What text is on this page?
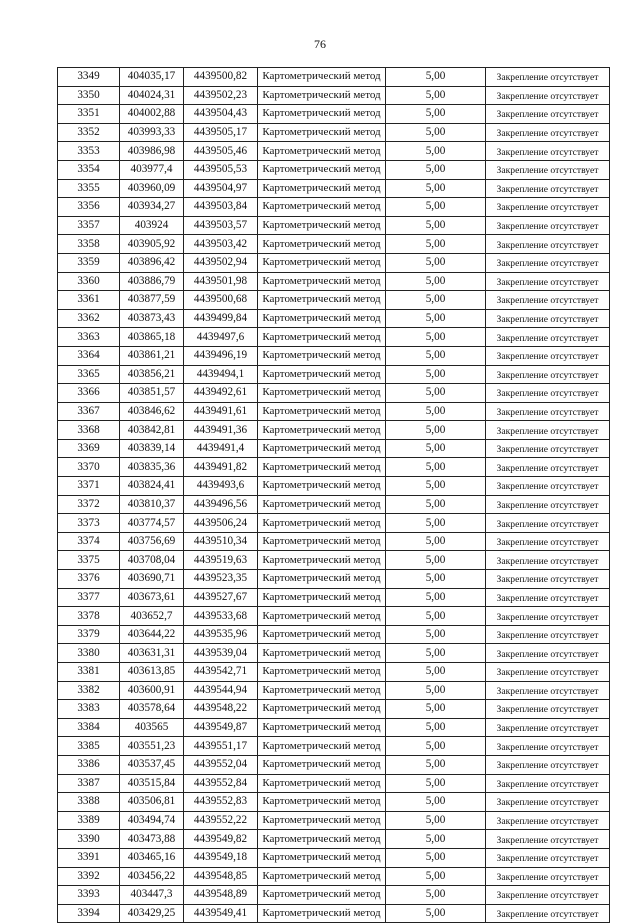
76
3349	404035,17	4439500,82	Картометрический метод	5,00	Закрепление отсутствует
3350	404024,31	4439502,23	Картометрический метод	5,00	Закрепление отсутствует
3351	404002,88	4439504,43	Картометрический метод	5,00	Закрепление отсутствует
3352	403993,33	4439505,17	Картометрический метод	5,00	Закрепление отсутствует
3353	403986,98	4439505,46	Картометрический метод	5,00	Закрепление отсутствует
3354	403977,4	4439505,53	Картометрический метод	5,00	Закрепление отсутствует
3355	403960,09	4439504,97	Картометрический метод	5,00	Закрепление отсутствует
3356	403934,27	4439503,84	Картометрический метод	5,00	Закрепление отсутствует
3357	403924	4439503,57	Картометрический метод	5,00	Закрепление отсутствует
3358	403905,92	4439503,42	Картометрический метод	5,00	Закрепление отсутствует
3359	403896,42	4439502,94	Картометрический метод	5,00	Закрепление отсутствует
3360	403886,79	4439501,98	Картометрический метод	5,00	Закрепление отсутствует
3361	403877,59	4439500,68	Картометрический метод	5,00	Закрепление отсутствует
3362	403873,43	4439499,84	Картометрический метод	5,00	Закрепление отсутствует
3363	403865,18	4439497,6	Картометрический метод	5,00	Закрепление отсутствует
3364	403861,21	4439496,19	Картометрический метод	5,00	Закрепление отсутствует
3365	403856,21	4439494,1	Картометрический метод	5,00	Закрепление отсутствует
3366	403851,57	4439492,61	Картометрический метод	5,00	Закрепление отсутствует
3367	403846,62	4439491,61	Картометрический метод	5,00	Закрепление отсутствует
3368	403842,81	4439491,36	Картометрический метод	5,00	Закрепление отсутствует
3369	403839,14	4439491,4	Картометрический метод	5,00	Закрепление отсутствует
3370	403835,36	4439491,82	Картометрический метод	5,00	Закрепление отсутствует
3371	403824,41	4439493,6	Картометрический метод	5,00	Закрепление отсутствует
3372	403810,37	4439496,56	Картометрический метод	5,00	Закрепление отсутствует
3373	403774,57	4439506,24	Картометрический метод	5,00	Закрепление отсутствует
3374	403756,69	4439510,34	Картометрический метод	5,00	Закрепление отсутствует
3375	403708,04	4439519,63	Картометрический метод	5,00	Закрепление отсутствует
3376	403690,71	4439523,35	Картометрический метод	5,00	Закрепление отсутствует
3377	403673,61	4439527,67	Картометрический метод	5,00	Закрепление отсутствует
3378	403652,7	4439533,68	Картометрический метод	5,00	Закрепление отсутствует
3379	403644,22	4439535,96	Картометрический метод	5,00	Закрепление отсутствует
3380	403631,31	4439539,04	Картометрический метод	5,00	Закрепление отсутствует
3381	403613,85	4439542,71	Картометрический метод	5,00	Закрепление отсутствует
3382	403600,91	4439544,94	Картометрический метод	5,00	Закрепление отсутствует
3383	403578,64	4439548,22	Картометрический метод	5,00	Закрепление отсутствует
3384	403565	4439549,87	Картометрический метод	5,00	Закрепление отсутствует
3385	403551,23	4439551,17	Картометрический метод	5,00	Закрепление отсутствует
3386	403537,45	4439552,04	Картометрический метод	5,00	Закрепление отсутствует
3387	403515,84	4439552,84	Картометрический метод	5,00	Закрепление отсутствует
3388	403506,81	4439552,83	Картометрический метод	5,00	Закрепление отсутствует
3389	403494,74	4439552,22	Картометрический метод	5,00	Закрепление отсутствует
3390	403473,88	4439549,82	Картометрический метод	5,00	Закрепление отсутствует
3391	403465,16	4439549,18	Картометрический метод	5,00	Закрепление отсутствует
3392	403456,22	4439548,85	Картометрический метод	5,00	Закрепление отсутствует
3393	403447,3	4439548,89	Картометрический метод	5,00	Закрепление отсутствует
3394	403429,25	4439549,41	Картометрический метод	5,00	Закрепление отсутствует
